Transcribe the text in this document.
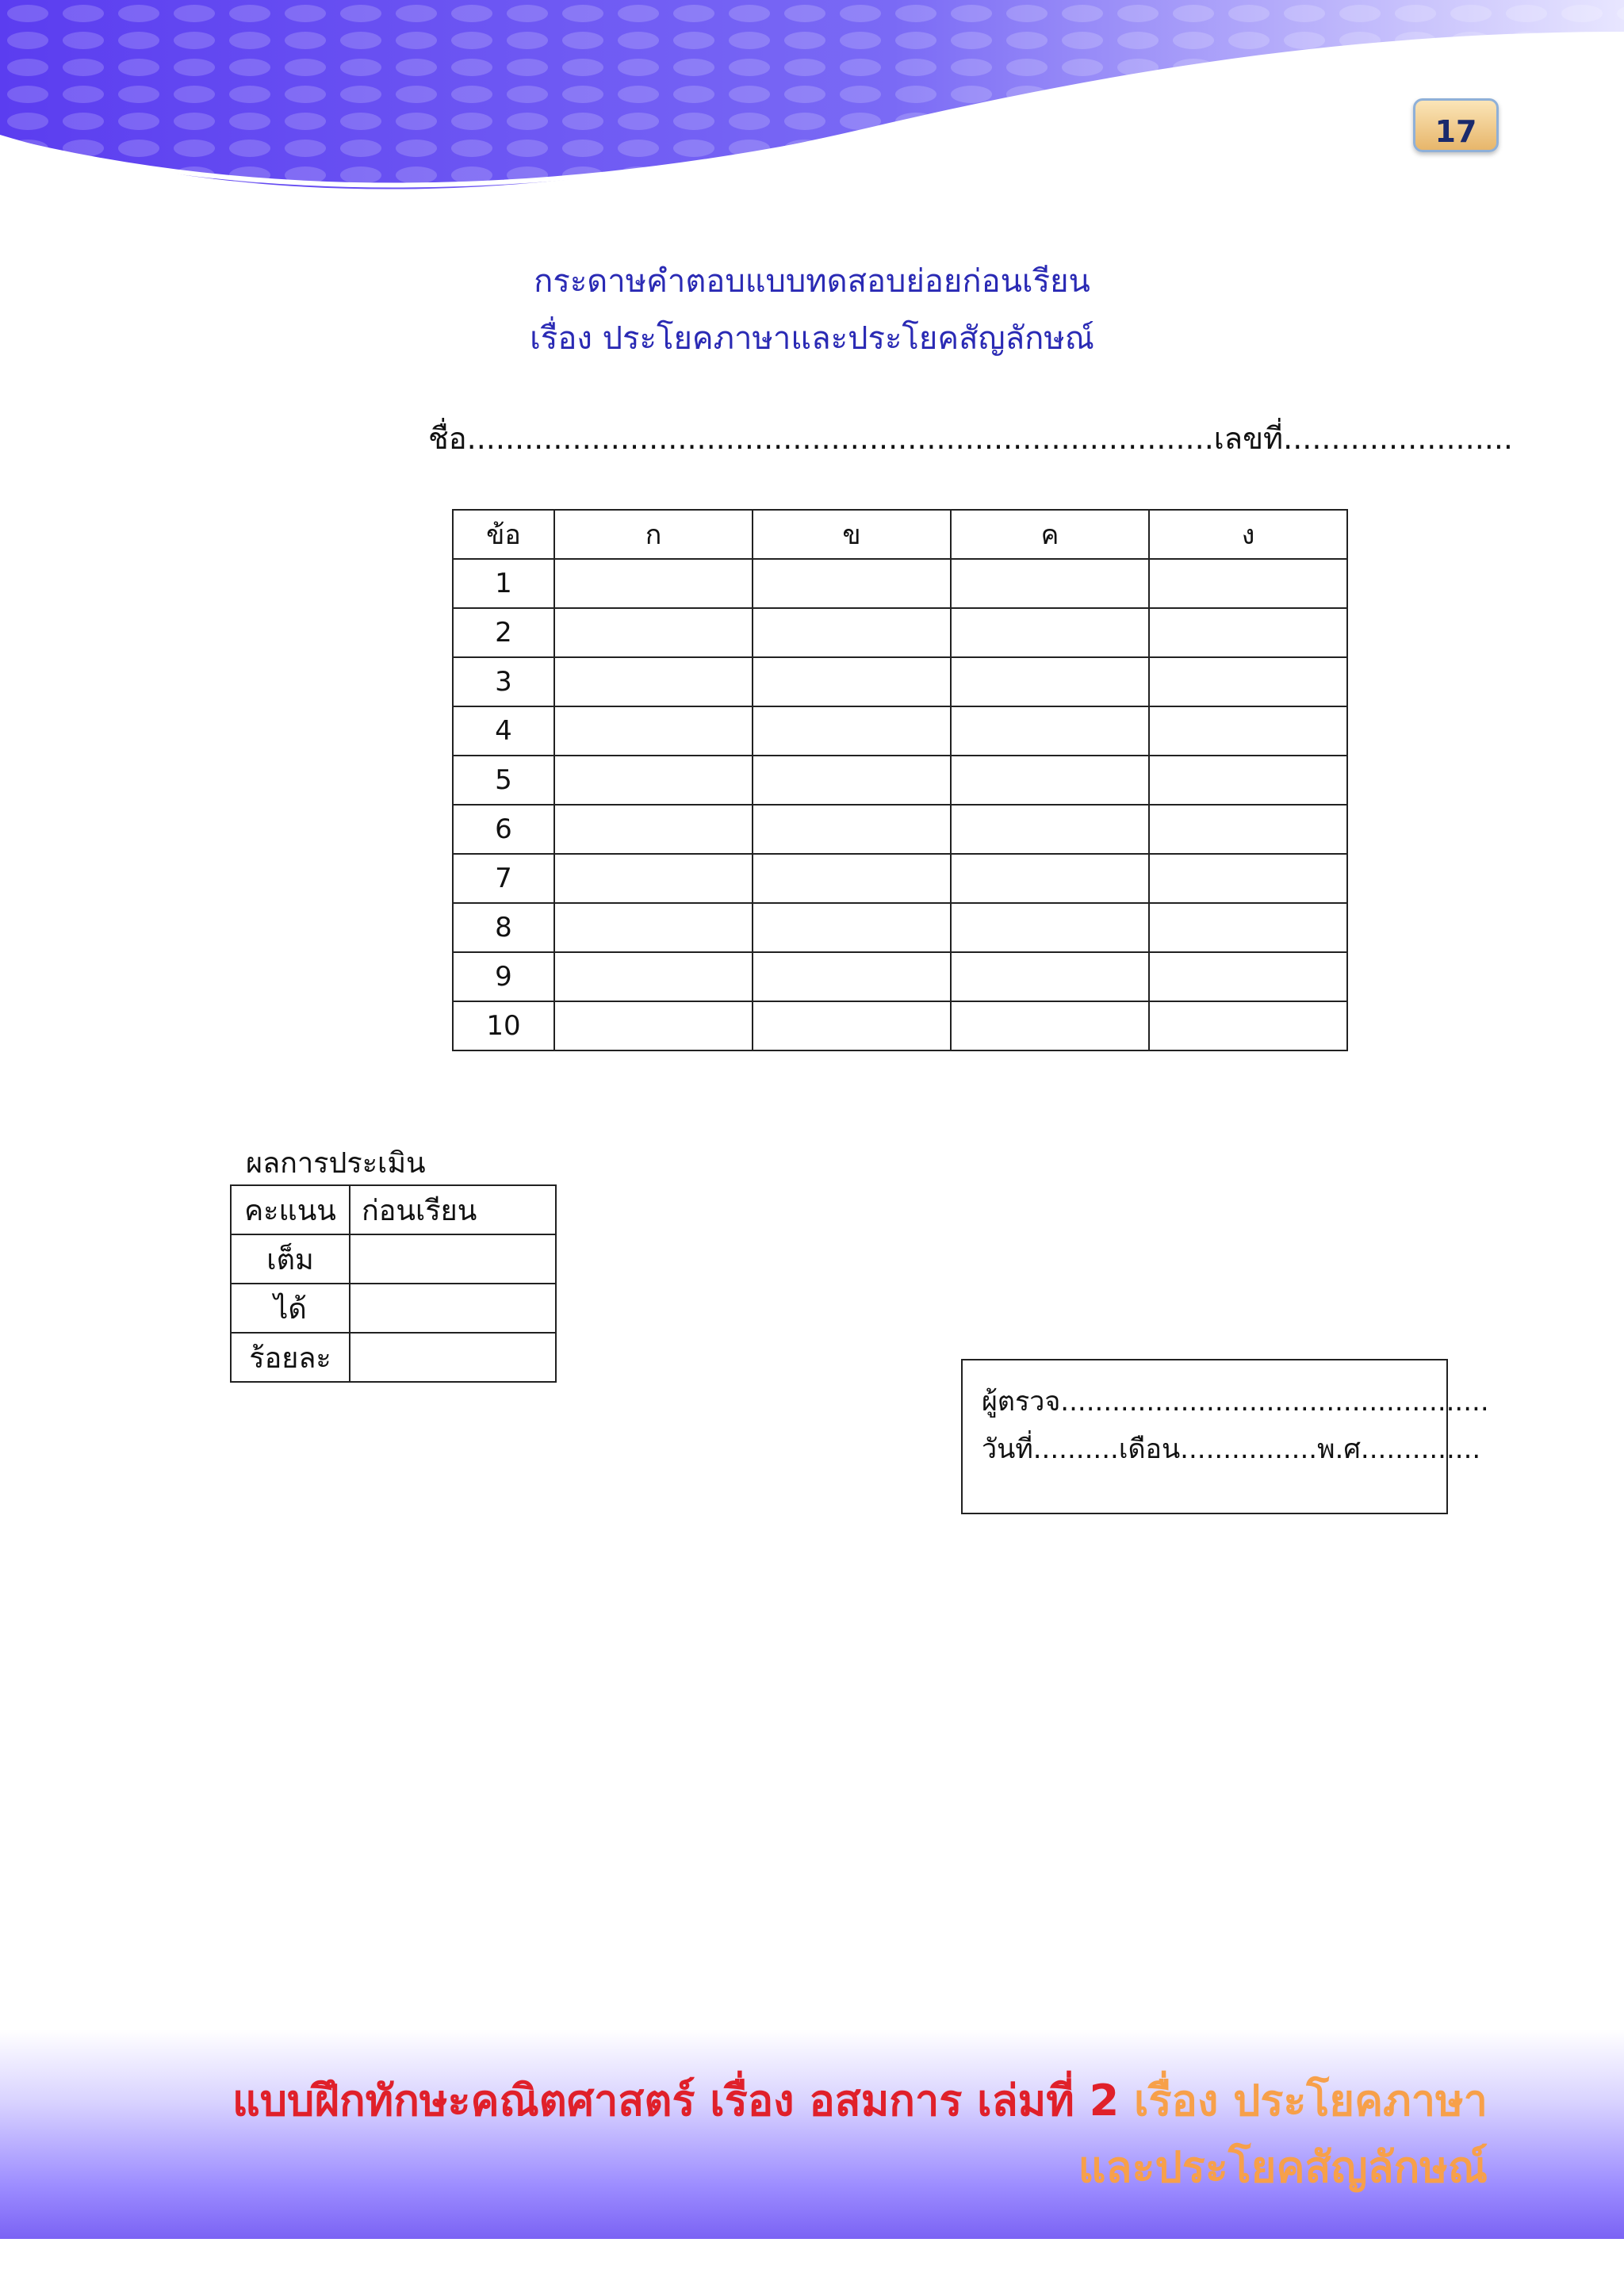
17
กระดาษคำตอบแบบทดสอบย่อยก่อนเรียน
เรื่อง ประโยคภาษาและประโยคสัญลักษณ์
ชื่อ..............................................................................เลขที่........................
ข้อ	ก	ข	ค	ง
1				
2				
3				
4				
5				
6				
7				
8				
9				
10				
ผลการประเมิน
คะแนน	ก่อนเรียน
เต็ม	
ได้	
ร้อยละ	
ผู้ตรวจ..................................................
วันที่..........เดือน................พ.ศ..............
แบบฝึกทักษะคณิตศาสตร์ เรื่อง อสมการ เล่มที่ 2 เรื่อง ประโยคภาษา
และประโยคสัญลักษณ์
